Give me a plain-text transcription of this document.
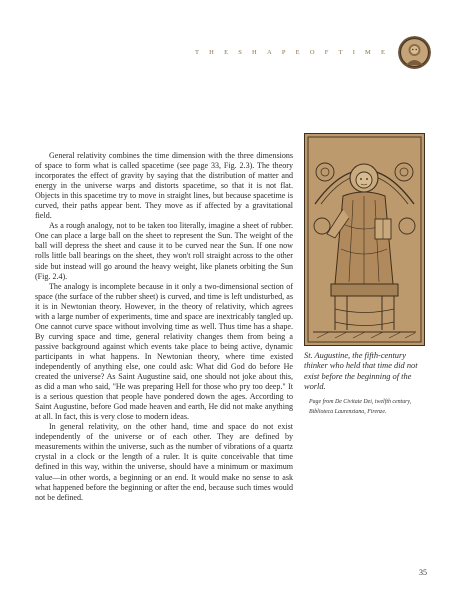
T H E S H A P E O F T I M E

General relativity combines the time dimension with the three dimensions of space to form what is called spacetime (see page 33, Fig. 2.3). The theory incorporates the effect of gravity by saying that the distribution of matter and energy in the universe warps and distorts spacetime, so that it is not flat. Objects in this spacetime try to move in straight lines, but because spacetime is curved, their paths appear bent. They move as if affected by a gravitational field.

As a rough analogy, not to be taken too literally, imagine a sheet of rubber. One can place a large ball on the sheet to represent the Sun. The weight of the ball will depress the sheet and cause it to be curved near the Sun. If one now rolls little ball bearings on the sheet, they won't roll straight across to the other side but instead will go around the heavy weight, like planets orbiting the Sun (Fig. 2.4).

The analogy is incomplete because in it only a two-dimensional section of space (the surface of the rubber sheet) is curved, and time is left undisturbed, as it is in Newtonian theory. However, in the theory of relativity, which agrees with a large number of experiments, time and space are inextricably tangled up. One cannot curve space without involving time as well. Thus time has a shape. By curving space and time, general relativity changes them from being a passive background against which events take place to being active, dynamic participants in what happens. In Newtonian theory, where time existed independently of anything else, one could ask: What did God do before He created the universe? As Saint Augustine said, one should not joke about this, as did a man who said, "He was preparing Hell for those who pry too deep." It is a serious question that people have pondered down the ages. According to Saint Augustine, before God made heaven and earth, He did not make anything at all. In fact, this is very close to modern ideas.

In general relativity, on the other hand, time and space do not exist independently of the universe or of each other. They are defined by measurements within the universe, such as the number of vibrations of a quartz crystal in a clock or the length of a ruler. It is quite conceivable that time defined in this way, within the universe, should have a minimum or maximum value—in other words, a beginning or an end. It would make no sense to ask what happened before the beginning or after the end, because such times would not be defined.

St. Augustine, the fifth-century thinker who held that time did not exist before the beginning of the world.
Page from De Civitate Dei, twelfth century, Biblioteca Laurenziana, Firenze.
35
